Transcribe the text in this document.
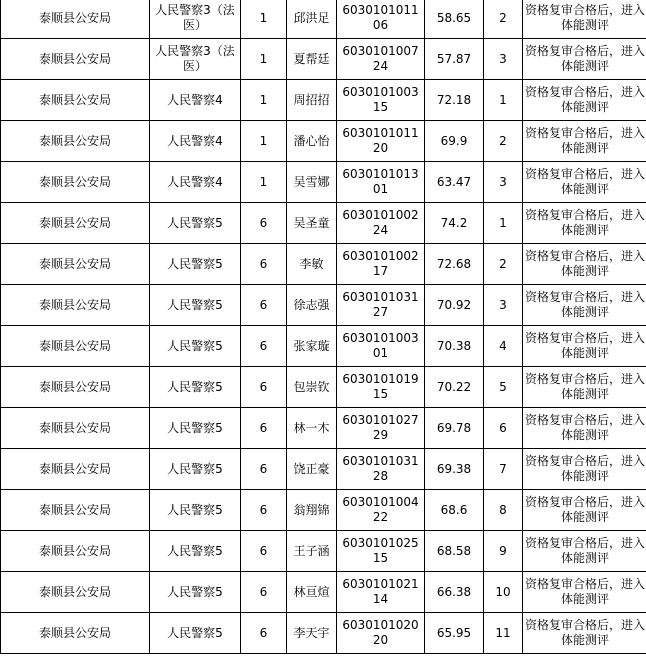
泰顺县公安局	人民警察3（法医）	1	邱洪足	603010101106	58.65	2	资格复审合格后，进入体能测评
泰顺县公安局	人民警察3（法医）	1	夏帮廷	603010100724	57.87	3	资格复审合格后，进入体能测评
泰顺县公安局	人民警察4	1	周招招	603010100315	72.18	1	资格复审合格后，进入体能测评
泰顺县公安局	人民警察4	1	潘心怡	603010101120	69.9	2	资格复审合格后，进入体能测评
泰顺县公安局	人民警察4	1	吴雪娜	603010101301	63.47	3	资格复审合格后，进入体能测评
泰顺县公安局	人民警察5	6	吴圣童	603010100224	74.2	1	资格复审合格后，进入体能测评
泰顺县公安局	人民警察5	6	李敏	603010100217	72.68	2	资格复审合格后，进入体能测评
泰顺县公安局	人民警察5	6	徐志强	603010103127	70.92	3	资格复审合格后，进入体能测评
泰顺县公安局	人民警察5	6	张家璇	603010100301	70.38	4	资格复审合格后，进入体能测评
泰顺县公安局	人民警察5	6	包崇钦	603010101915	70.22	5	资格复审合格后，进入体能测评
泰顺县公安局	人民警察5	6	林一木	603010102729	69.78	6	资格复审合格后，进入体能测评
泰顺县公安局	人民警察5	6	饶正豪	603010103128	69.38	7	资格复审合格后，进入体能测评
泰顺县公安局	人民警察5	6	翁翔锦	603010100422	68.6	8	资格复审合格后，进入体能测评
泰顺县公安局	人民警察5	6	王子涵	603010102515	68.58	9	资格复审合格后，进入体能测评
泰顺县公安局	人民警察5	6	林亘煊	603010102114	66.38	10	资格复审合格后，进入体能测评
泰顺县公安局	人民警察5	6	李天宇	603010102020	65.95	11	资格复审合格后，进入体能测评
